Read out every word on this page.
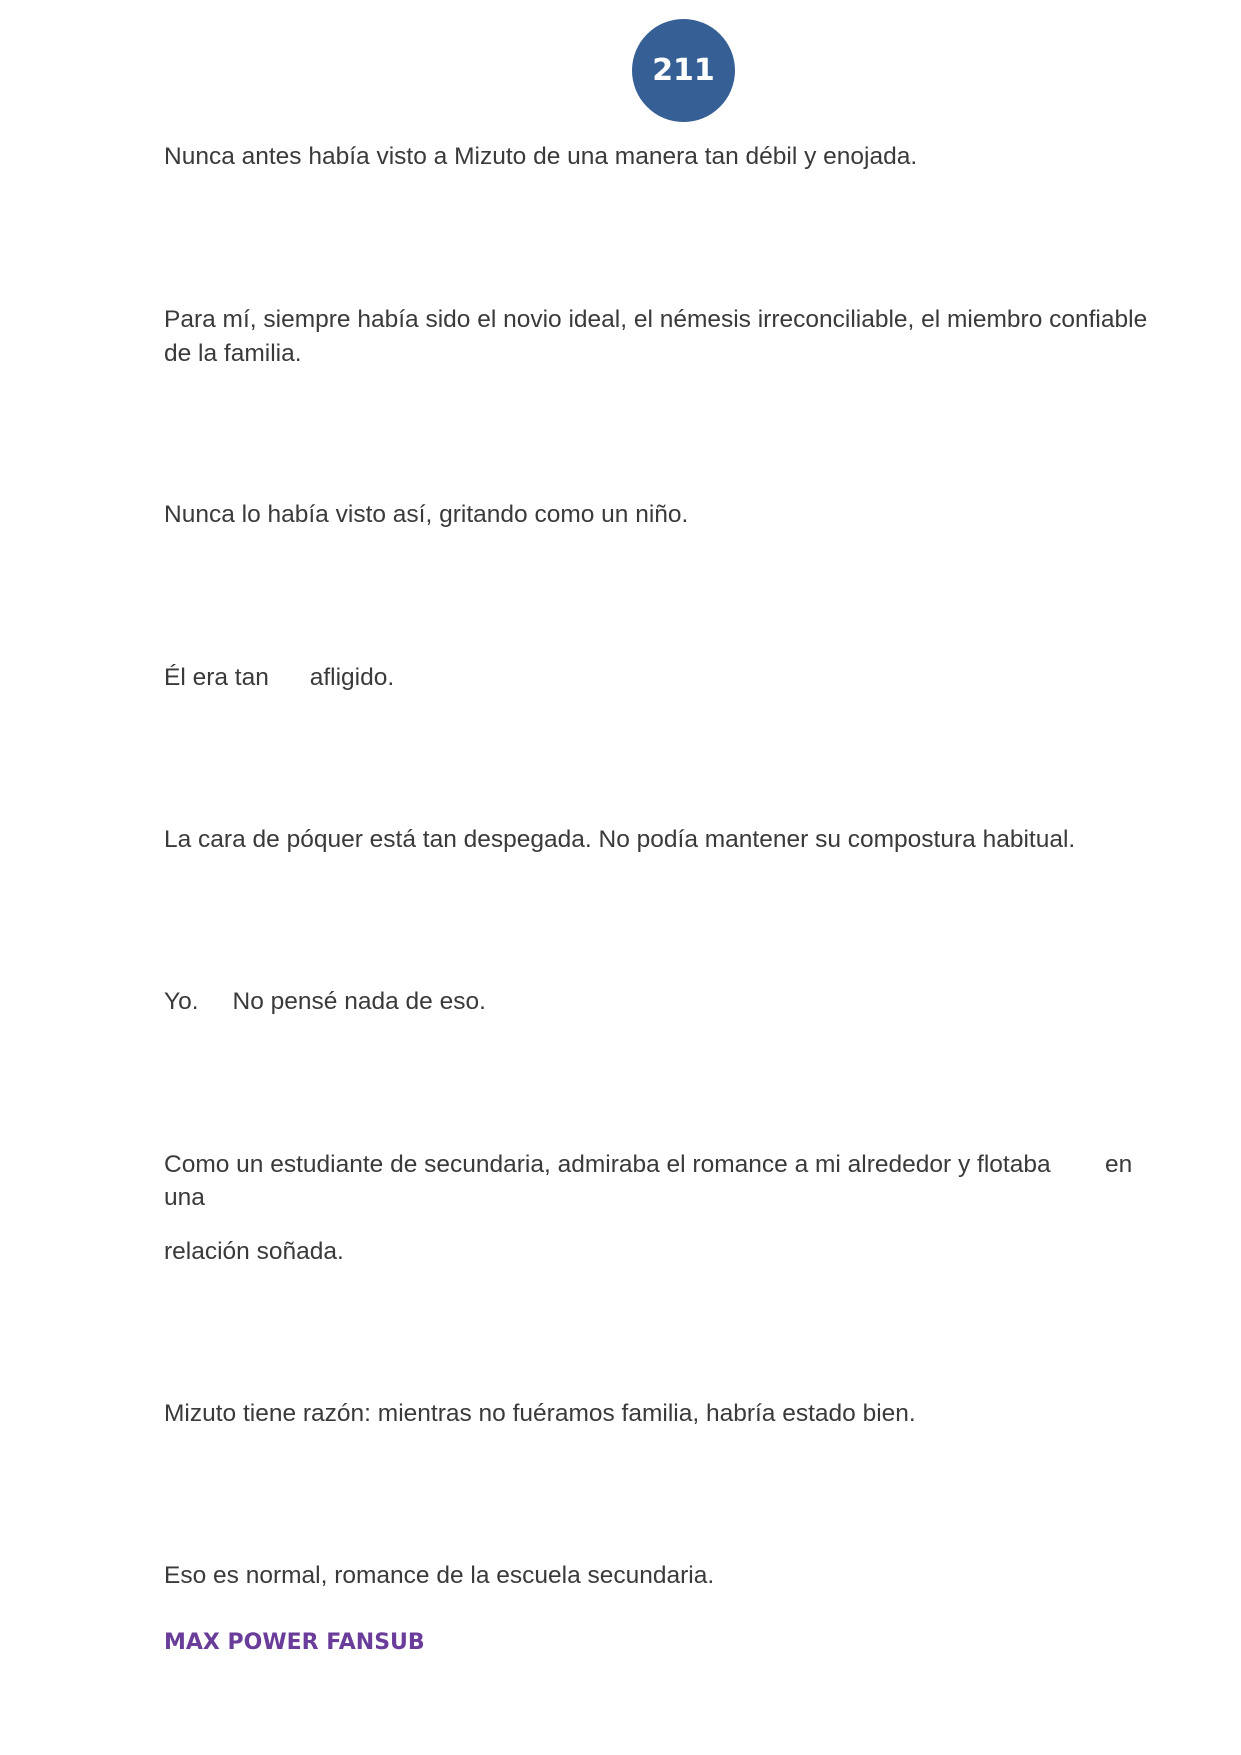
211

Nunca antes había visto a Mizuto de una manera tan débil y enojada.

Para mí, siempre había sido el novio ideal, el némesis irreconciliable, el miembro confiable

de la familia.

Nunca lo había visto así, gritando como un niño.

Él era tan      afligido.

La cara de póquer está tan despegada. No podía mantener su compostura habitual.

Yo.     No pensé nada de eso.

Como un estudiante de secundaria, admiraba el romance a mi alrededor y flotaba        en

una

relación soñada.

Mizuto tiene razón: mientras no fuéramos familia, habría estado bien.

Eso es normal, romance de la escuela secundaria.

MAX POWER FANSUB
